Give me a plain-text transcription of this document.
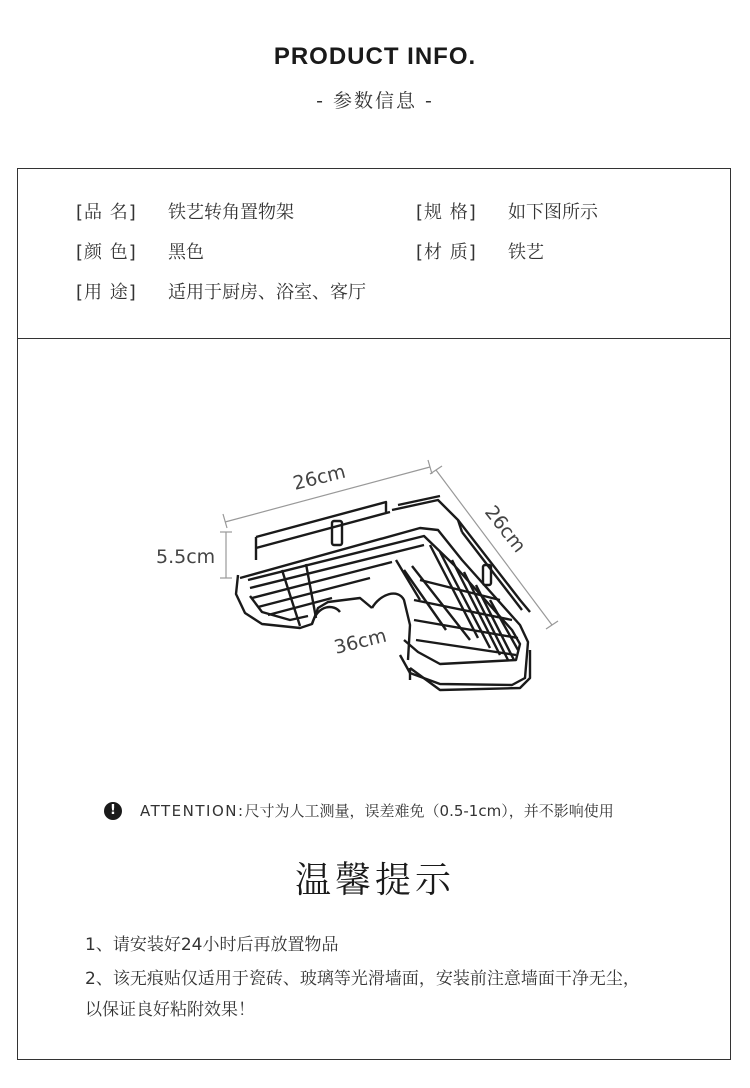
PRODUCT INFO.
- 参数信息 -
[品 名] 铁艺转角置物架	[规 格] 如下图所示
[颜 色] 黑色	[材 质] 铁艺
[用 途] 适用于厨房、浴室、客厅
26cm
26cm
5.5cm
36cm
!	ATTENTION: 尺寸为人工测量，误差难免（0.5-1cm），并不影响使用
温馨提示
1、请安装好24小时后再放置物品
2、该无痕贴仅适用于瓷砖、玻璃等光滑墙面，安装前注意墙面干净无尘，
以保证良好粘附效果！
